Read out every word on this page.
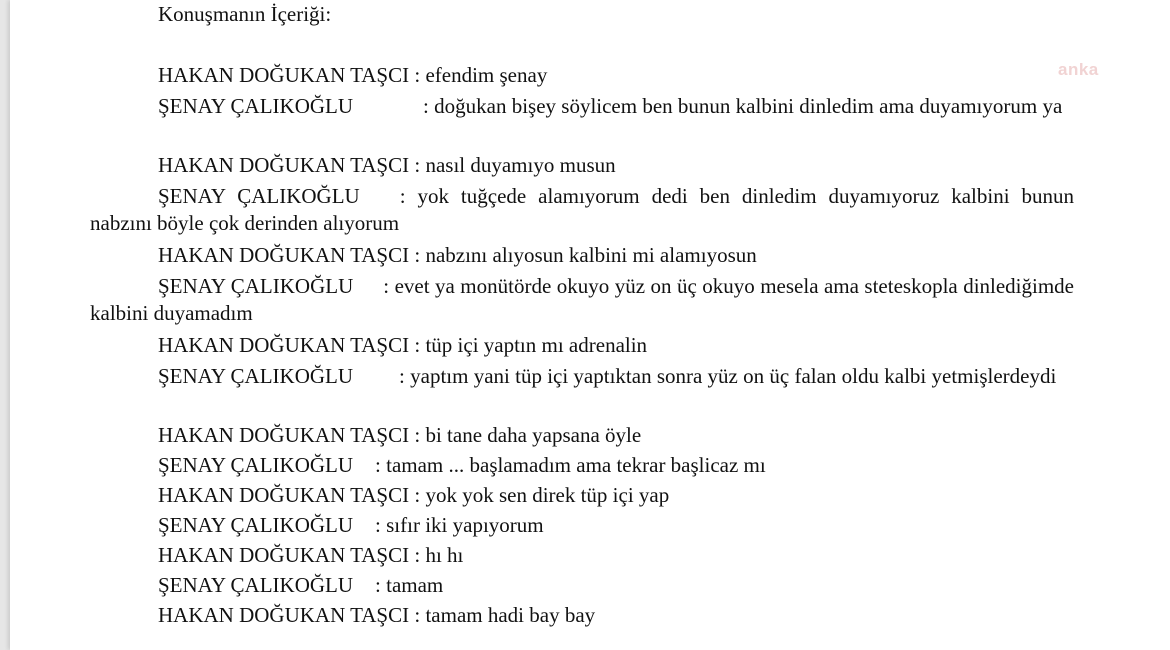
Konuşmanın İçeriği:
anka
HAKAN DOĞUKAN TAŞCI : efendim şenay
ŞENAY ÇALIKOĞLU	: doğukan bişey söylicem ben bunun kalbini dinledim ama duyamıyorum ya
HAKAN DOĞUKAN TAŞCI : nasıl duyamıyo musun
ŞENAY ÇALIKOĞLU : yok tuğçede alamıyorum dedi ben dinledim duyamıyoruz kalbini bunun nabzını böyle çok derinden alıyorum
HAKAN DOĞUKAN TAŞCI : nabzını alıyosun kalbini mi alamıyosun
ŞENAY ÇALIKOĞLU : evet ya monütörde okuyo yüz on üç okuyo mesela ama steteskopla dinlediğimde kalbini duyamadım
HAKAN DOĞUKAN TAŞCI : tüp içi yaptın mı adrenalin
ŞENAY ÇALIKOĞLU : yaptım yani tüp içi yaptıktan sonra yüz on üç falan oldu kalbi yetmişlerdeydi
HAKAN DOĞUKAN TAŞCI : bi tane daha yapsana öyle
ŞENAY ÇALIKOĞLU : tamam ... başlamadım ama tekrar başlicaz mı
HAKAN DOĞUKAN TAŞCI : yok yok sen direk tüp içi yap
ŞENAY ÇALIKOĞLU : sıfır iki yapıyorum
HAKAN DOĞUKAN TAŞCI : hı hı
ŞENAY ÇALIKOĞLU : tamam
HAKAN DOĞUKAN TAŞCI : tamam hadi bay bay
